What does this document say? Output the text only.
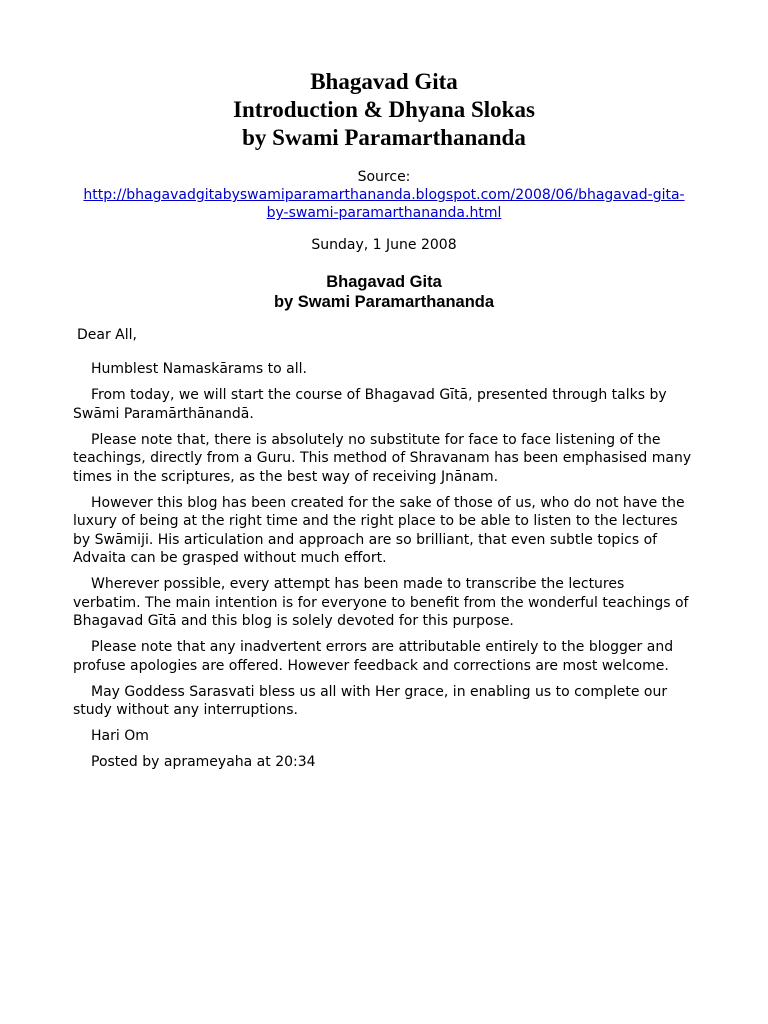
Bhagavad Gita
Introduction & Dhyana Slokas
by Swami Paramarthananda
Source:
http://bhagavadgitabyswamiparamarthananda.blogspot.com/2008/06/bhagavad-gita-
by-swami-paramarthananda.html
Sunday, 1 June 2008
Bhagavad Gita
by Swami Paramarthananda
Dear All,

Humblest Namaskārams to all.

From today, we will start the course of Bhagavad Gītā, presented through talks by Swāmi Paramārthānandā.

Please note that, there is absolutely no substitute for face to face listening of the teachings, directly from a Guru. This method of Shravanam has been emphasised many times in the scriptures, as the best way of receiving Jnānam.

However this blog has been created for the sake of those of us, who do not have the luxury of being at the right time and the right place to be able to listen to the lectures by Swāmiji. His articulation and approach are so brilliant, that even subtle topics of Advaita can be grasped without much effort.

Wherever possible, every attempt has been made to transcribe the lectures verbatim. The main intention is for everyone to benefit from the wonderful teachings of Bhagavad Gītā and this blog is solely devoted for this purpose.

Please note that any inadvertent errors are attributable entirely to the blogger and profuse apologies are offered. However feedback and corrections are most welcome.

May Goddess Sarasvati bless us all with Her grace, in enabling us to complete our study without any interruptions.

Hari Om

Posted by aprameyaha at 20:34
